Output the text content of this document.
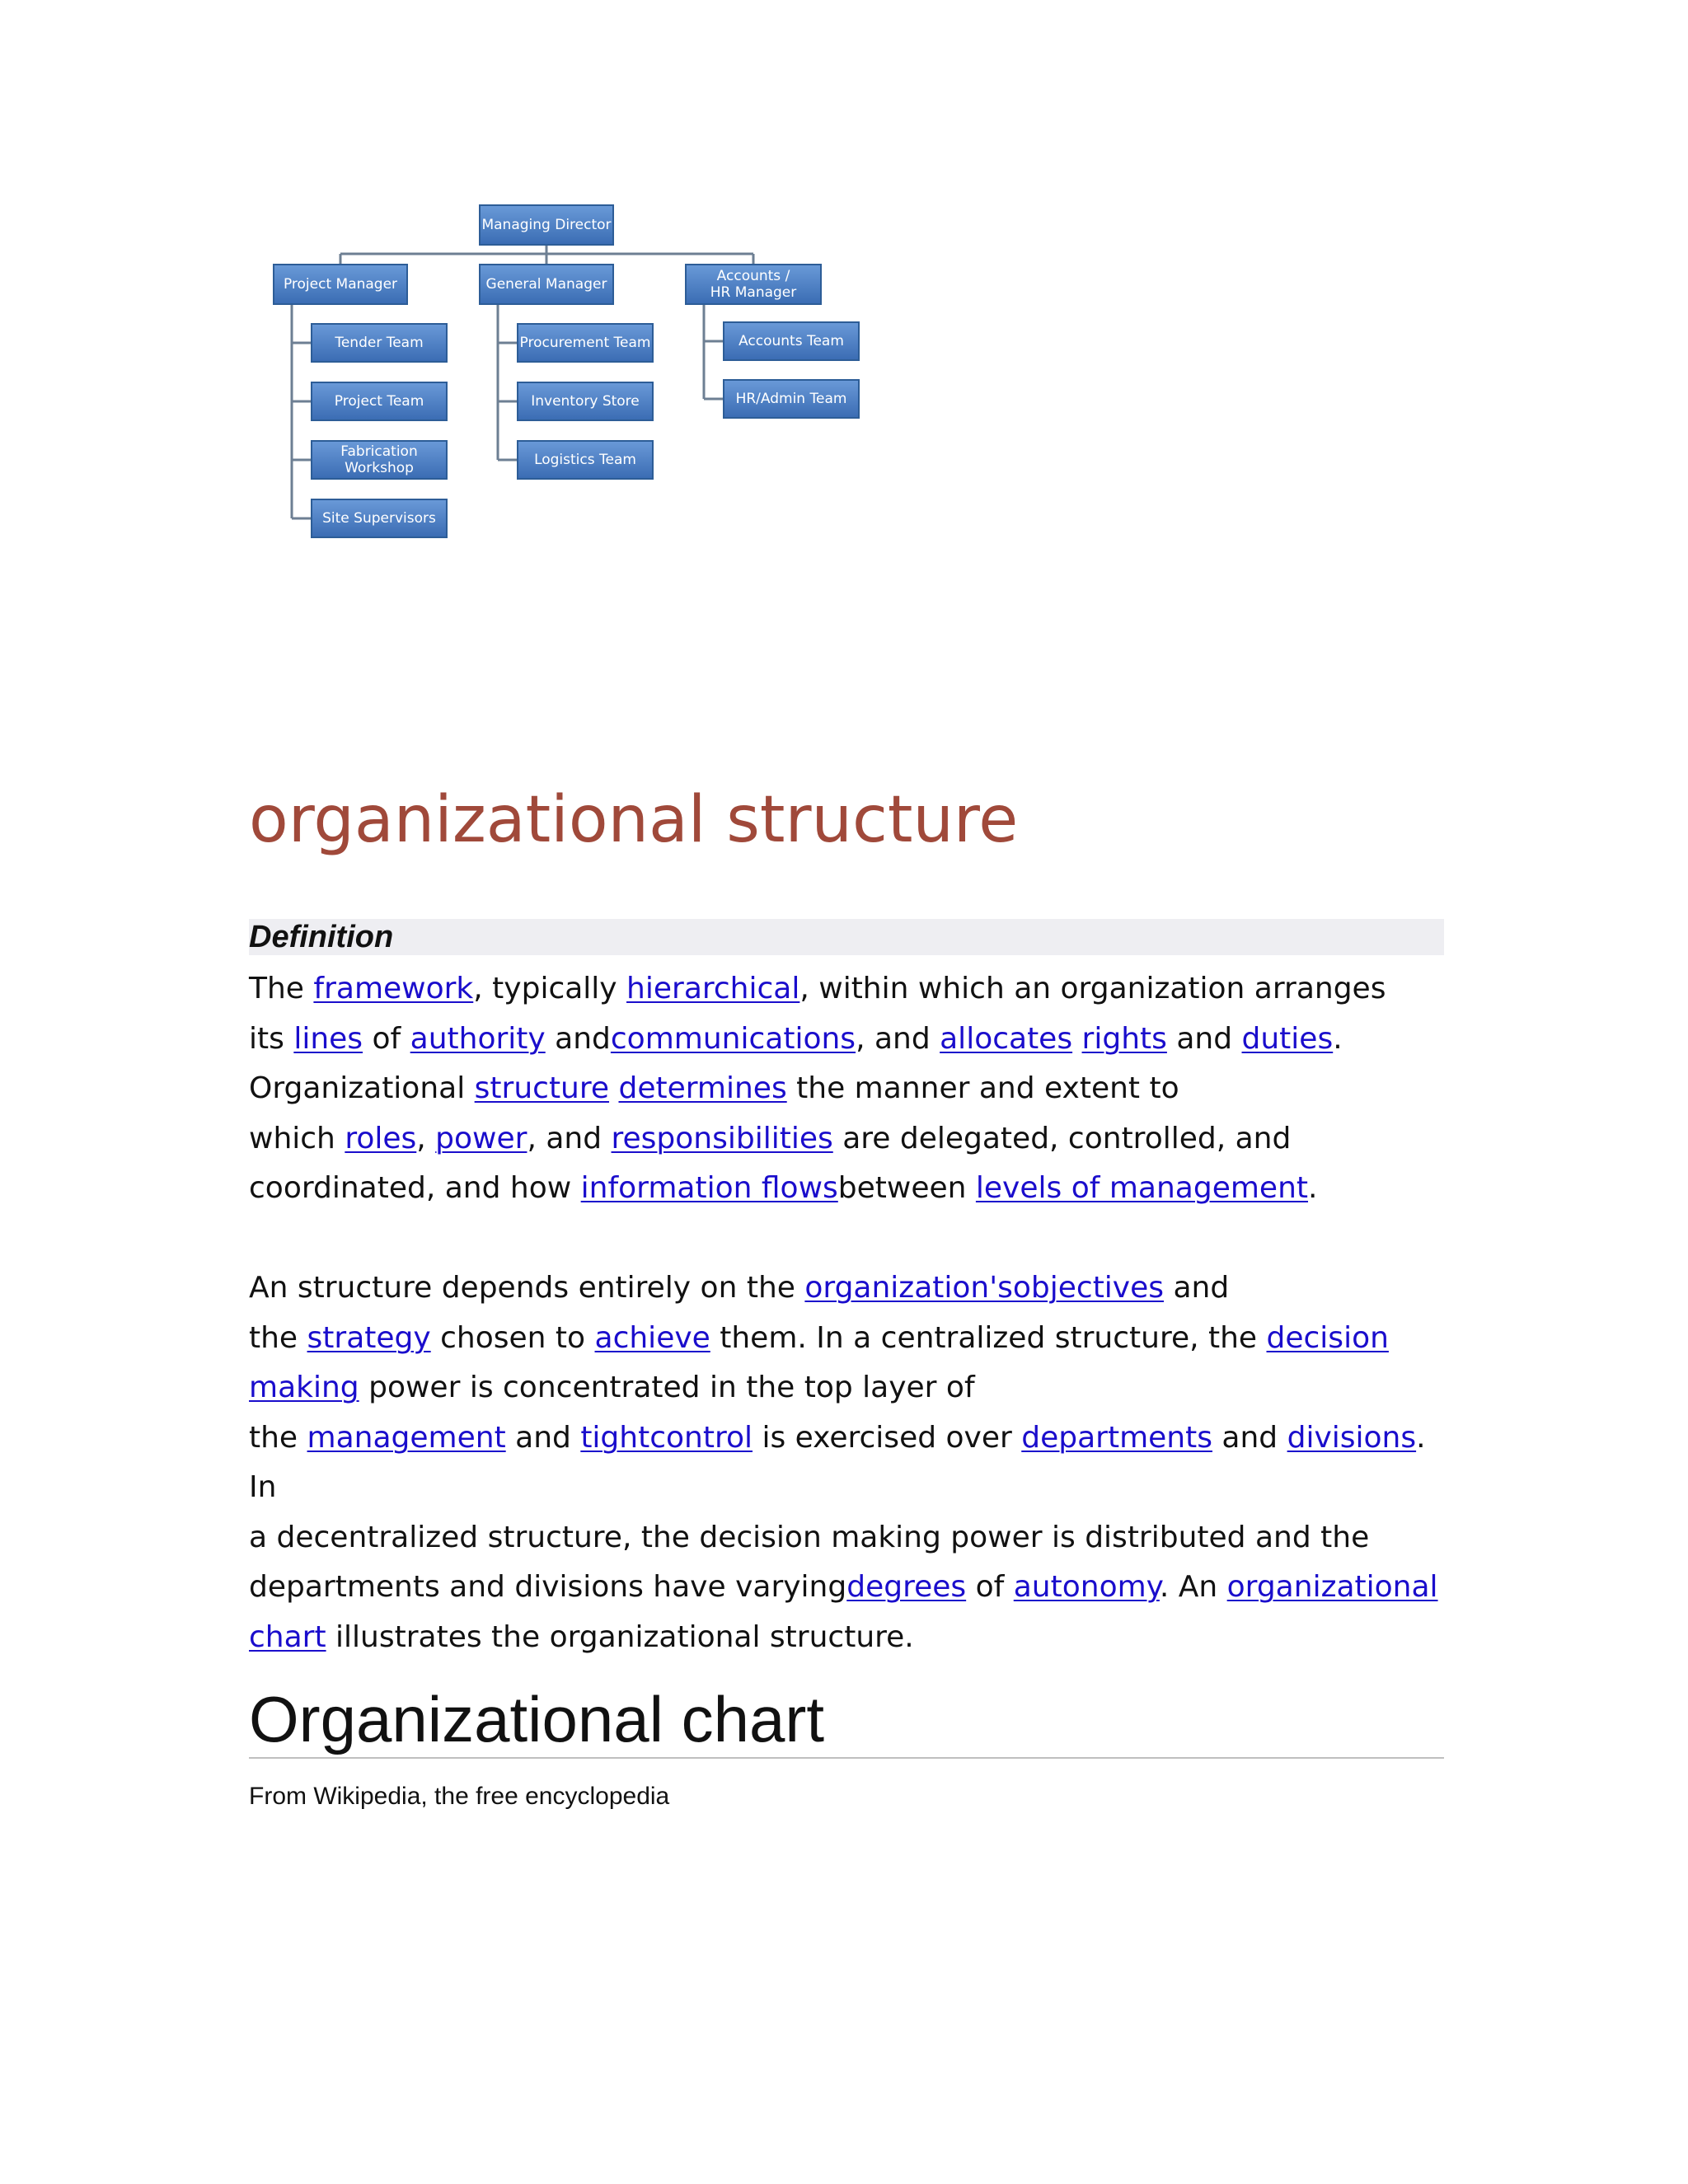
Managing Director
Project Manager	General Manager	Accounts /
HR Manager
Tender Team
Project Team
Fabrication
Workshop
Site Supervisors
Procurement Team
Inventory Store
Logistics Team
Accounts Team
HR/Admin Team
organizational structure
Definition

The framework, typically hierarchical, within which an organization arranges
its lines of authority andcommunications, and allocates rights and duties.
Organizational structure determines the manner and extent to
which roles, power, and responsibilities are delegated, controlled, and
coordinated, and how information flowsbetween levels of management.

An structure depends entirely on the organization'sobjectives and
the strategy chosen to achieve them. In a centralized structure, the decision
making power is concentrated in the top layer of
the management and tightcontrol is exercised over departments and divisions. In
a decentralized structure, the decision making power is distributed and the
departments and divisions have varyingdegrees of autonomy. An organizational
chart illustrates the organizational structure.

Organizational chart
From Wikipedia, the free encyclopedia
